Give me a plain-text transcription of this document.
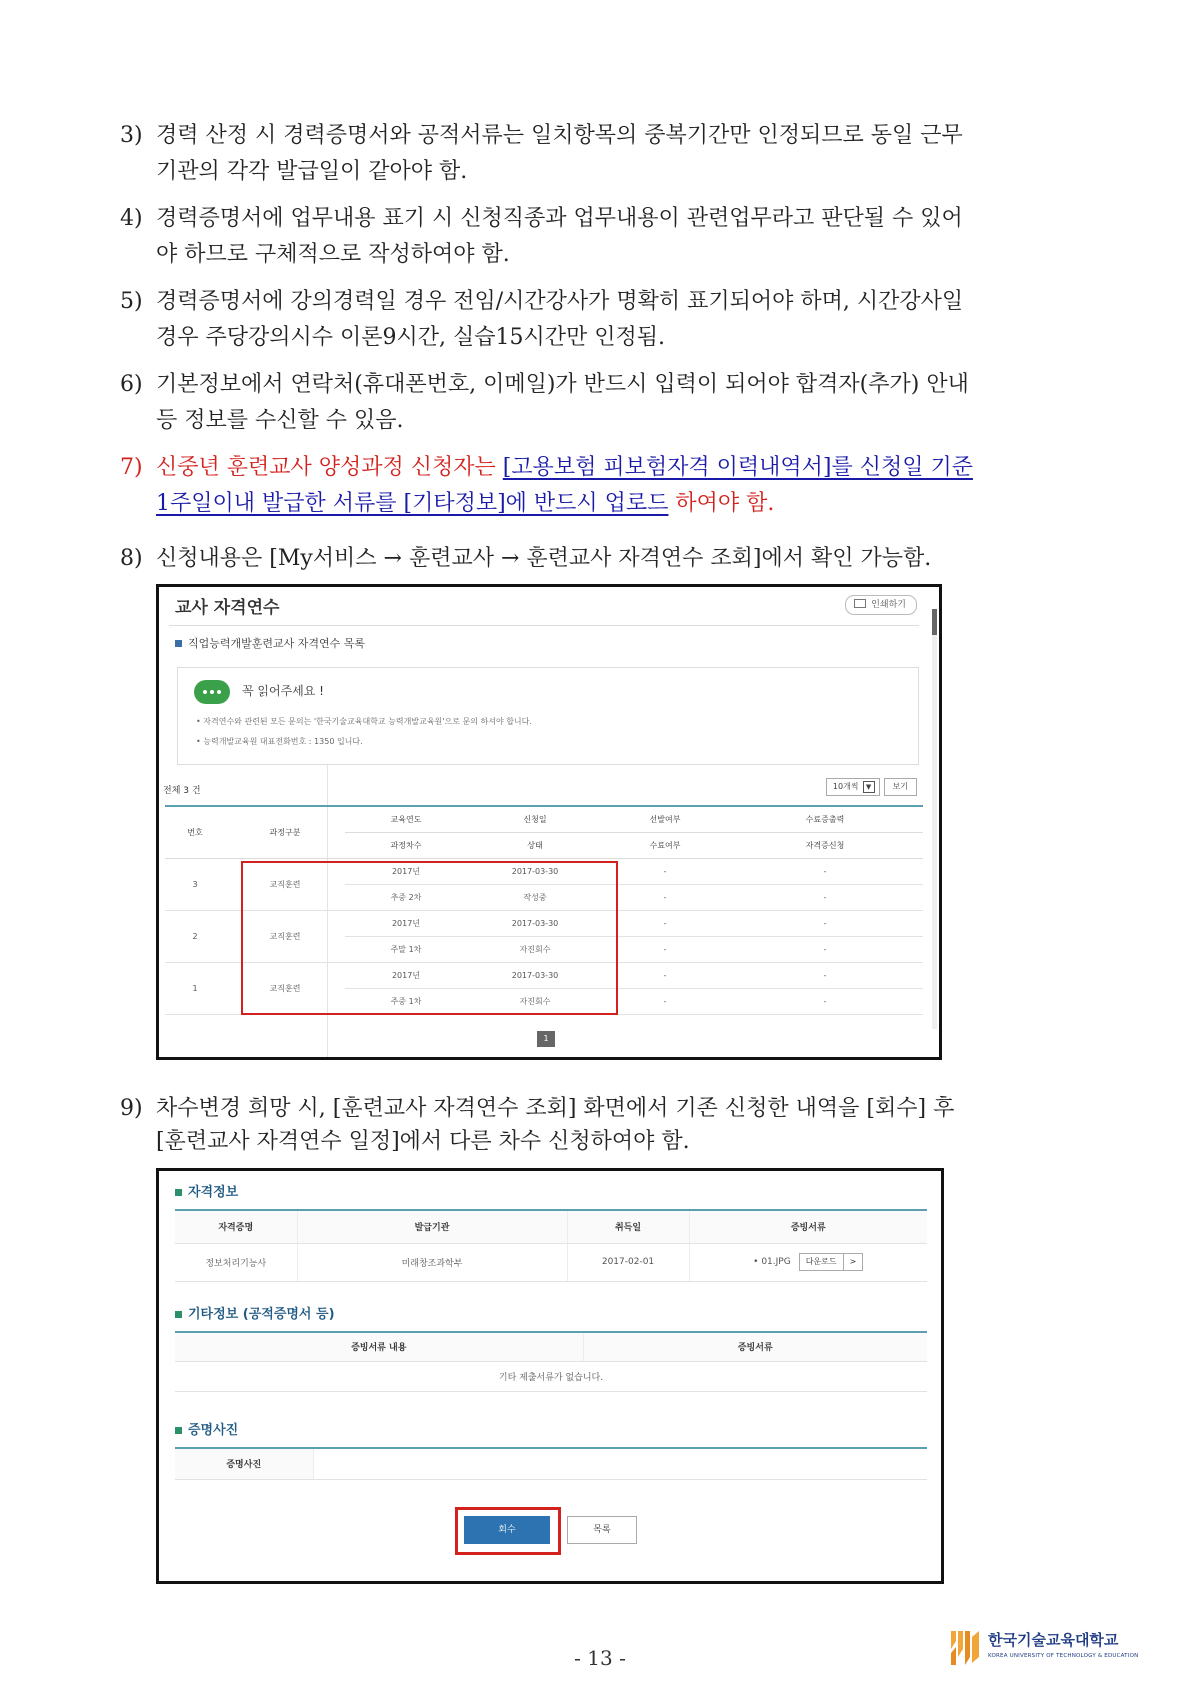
3) 경력 산정 시 경력증명서와 공적서류는 일치항목의 중복기간만 인정되므로 동일 근무
기관의 각각 발급일이 같아야 함.
4) 경력증명서에 업무내용 표기 시 신청직종과 업무내용이 관련업무라고 판단될 수 있어
야 하므로 구체적으로 작성하여야 함.
5) 경력증명서에 강의경력일 경우 전임/시간강사가 명확히 표기되어야 하며, 시간강사일
경우 주당강의시수 이론9시간, 실습15시간만 인정됨.
6) 기본정보에서 연락처(휴대폰번호, 이메일)가 반드시 입력이 되어야 합격자(추가) 안내
등 정보를 수신할 수 있음.
7) 신중년 훈련교사 양성과정 신청자는 [고용보험 피보험자격 이력내역서]를 신청일 기준
1주일이내 발급한 서류를 [기타정보]에 반드시 업로드 하여야 함.
8) 신청내용은 [My서비스 → 훈련교사 → 훈련교사 자격연수 조회]에서 확인 가능함.
교사 자격연수	인쇄하기
직업능력개발훈련교사 자격연수 목록
꼭 읽어주세요 !
• 자격연수와 관련된 모든 문의는 '한국기술교육대학교 능력개발교육원'으로 문의 하셔야 합니다.
• 능력개발교육원 대표전화번호 : 1350 입니다.
전체 3 건	10개씩 ▼	보기
번호	과정구분	교육연도	신청일	선발여부	수료증출력
		과정차수	상태	수료여부	자격증신청
3	교직훈련	2017년	2017-03-30	-	-
		추중 2차	작성중	-	-
2	교직훈련	2017년	2017-03-30	-	-
		주말 1차	자진회수	-	-
1	교직훈련	2017년	2017-03-30	-	-
		주중 1차	자진회수	-	-
1
9) 차수변경 희망 시, [훈련교사 자격연수 조회] 화면에서 기존 신청한 내역을 [회수] 후
[훈련교사 자격연수 일정]에서 다른 차수 신청하여야 함.
자격정보
자격증명	발급기관	취득일	증빙서류
정보처리기능사	미래창조과학부	2017-02-01	• 01.JPG 다운로드 >
기타정보 (공적증명서 등)
증빙서류 내용	증빙서류
기타 제출서류가 없습니다.
증명사진
증명사진	
회수	목록
- 13 -
한국기술교육대학교
KOREA UNIVERSITY OF TECHNOLOGY & EDUCATION
